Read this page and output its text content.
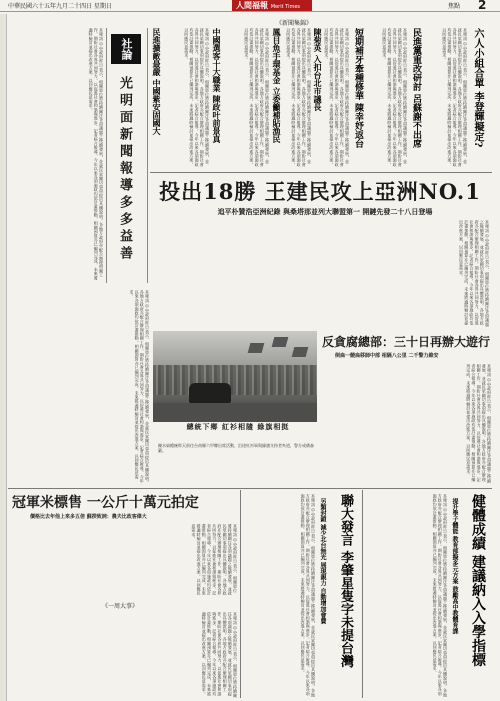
中華民國六十五年九月二十四日 星期日	人間福報 Merit Times	焦點 2
《新聞集錦》
六人小組合單 李登輝擬定?
本報訊 中央政府昨日表示，相關單位將持續關注各項議題之後續發展，並就民眾關切事項提出具體說明。各地方政府亦配合辦理相關工作，期盼社會各界共同努力，以促進社會和諧與進步。記者綜合報導，今年以來各項施政均依計畫推動，相關預算亦已編列完成，未來將適時檢討並提出改進方案，以回應民意需求。
民進黨重改研討 呂蘇謝不出席
本報訊 中央政府昨日表示，相關單位將持續關注各項議題之後續發展，並就民眾關切事項提出具體說明。各地方政府亦配合辦理相關工作，期盼社會各界共同努力，以促進社會和諧與進步。記者綜合報導，今年以來各項施政均依計畫推動，相關預算亦已編列完成，未來將適時檢討並提出改進方案，以回應民意需求。
短期補牙牽種修華 陳幸妤返台
本報訊 中央政府昨日表示，相關單位將持續關注各項議題之後續發展，並就民眾關切事項提出具體說明。各地方政府亦配合辦理相關工作，期盼社會各界共同努力，以促進社會和諧與進步。記者綜合報導，今年以來各項施政均依計畫推動，相關預算亦已編列完成，未來將適時檢討並提出改進方案，以回應民意需求。
陳菊英 入扣台北市議長
本報訊 中央政府昨日表示，相關單位將持續關注各項議題之後續發展，並就民眾關切事項提出具體說明。各地方政府亦配合辦理相關工作，期盼社會各界共同努力，以促進社會和諧與進步。記者綜合報導，今年以來各項施政均依計畫推動，相關預算亦已編列完成，未來將適時檢討並提出改進方案，以回應民意需求。
鳳目魚手環基金 立委籲補貼漁民
本報訊 中央政府昨日表示，相關單位將持續關注各項議題之後續發展，並就民眾關切事項提出具體說明。各地方政府亦配合辦理相關工作，期盼社會各界共同努力，以促進社會和諧與進步。記者綜合報導，今年以來各項施政均依計畫推動，相關預算亦已編列完成，未來將適時檢討並提出改進方案，以回應民意需求。
中國選客十大職業 陳政叶前景真
本報訊 中央政府昨日表示，相關單位將持續關注各項議題之後續發展，並就民眾關切事項提出具體說明。各地方政府亦配合辦理相關工作，期盼社會各界共同努力，以促進社會和諧與進步。記者綜合報導，今年以來各項施政均依計畫推動，相關預算亦已編列完成，未來將適時檢討並提出改進方案，以回應民意需求。
民進擴敵最嚴 中國紫安固國大
社論
光明面新聞報導多多益善
本報訊 中央政府昨日表示，相關單位將持續關注各項議題之後續發展，並就民眾關切事項提出具體說明。各地方政府亦配合辦理相關工作，期盼社會各界共同努力，以促進社會和諧與進步。記者綜合報導，今年以來各項施政均依計畫推動，相關預算亦已編列完成，未來將適時檢討並提出改進方案，以回應民意需求。
投出18勝 王建民攻上亞洲NO.1
追平朴贊浩亞洲紀錄 與桑塔那並列大聯盟第一 開鏈先發二十八日登場
本報訊 中央政府昨日表示，相關單位將持續關注各項議題之後續發展，並就民眾關切事項提出具體說明。各地方政府亦配合辦理相關工作，期盼社會各界共同努力，以促進社會和諧與進步。記者綜合報導，今年以來各項施政均依計畫推動，相關預算亦已編列完成，未來將適時檢討並提出改進方案，以回應民意需求。
本報訊 中央政府昨日表示，相關單位將持續關注各項議題之後續發展，並就民眾關切事項提出具體說明。各地方政府亦配合辦理相關工作，期盼社會各界共同努力，以促進社會和諧與進步。記者綜合報導，今年以來各項施政均依計畫推動，相關預算亦已編列完成，未來將適時檢討並提出改進方案，以回應民意需求。
總統下鄉 紅衫相隨 綠旗相挺
陳水扁總統昨天前往台南縣六甲鄉出席活動，沿途紅衫軍與綠旗支持者夾道，警方戒備森嚴。
反貪腐總部：三十日再辦大遊行
倒扁一競扁移師中部 相隔八公里 二千警力維安
本報訊 中央政府昨日表示，相關單位將持續關注各項議題之後續發展，並就民眾關切事項提出具體說明。各地方政府亦配合辦理相關工作，期盼社會各界共同努力，以促進社會和諧與進步。記者綜合報導，今年以來各項施政均依計畫推動，相關預算亦已編列完成，未來將適時檢討並提出改進方案，以回應民意需求。
冠軍米標售 一公斤十萬元拍定
價格比去年他上來多五倍 蘇揆致詞：農夫比政客偉大
本報訊 中央政府昨日表示，相關單位將持續關注各項議題之後續發展，並就民眾關切事項提出具體說明。各地方政府亦配合辦理相關工作，期盼社會各界共同努力，以促進社會和諧與進步。記者綜合報導，今年以來各項施政均依計畫推動，相關預算亦已編列完成，未來將適時檢討並提出改進方案，以回應民意需求。
《一周大事》
本報訊 中央政府昨日表示，相關單位將持續關注各項議題之後續發展，並就民眾關切事項提出具體說明。各地方政府亦配合辦理相關工作，期盼社會各界共同努力，以促進社會和諧與進步。記者綜合報導，今年以來各項施政均依計畫推動，相關預算亦已編列完成，未來將適時檢討並提出改進方案，以回應民意需求。	聯大發言 李肇星隻字未提台灣
另類封鎖 減少北台無光 展現親力 自動增加會費
本報訊 中央政府昨日表示，相關單位將持續關注各項議題之後續發展，並就民眾關切事項提出具體說明。各地方政府亦配合辦理相關工作，期盼社會各界共同努力，以促進社會和諧與進步。記者綜合報導，今年以來各項施政均依計畫推動，相關預算亦已編列完成，未來將適時檢討並提出改進方案，以回應民意需求。	健體成績 建議納入入學指標
提升學子體能 教育部擬多元方案 鼓勵高中教體育課
本報訊 中央政府昨日表示，相關單位將持續關注各項議題之後續發展，並就民眾關切事項提出具體說明。各地方政府亦配合辦理相關工作，期盼社會各界共同努力，以促進社會和諧與進步。記者綜合報導，今年以來各項施政均依計畫推動，相關預算亦已編列完成，未來將適時檢討並提出改進方案，以回應民意需求。
